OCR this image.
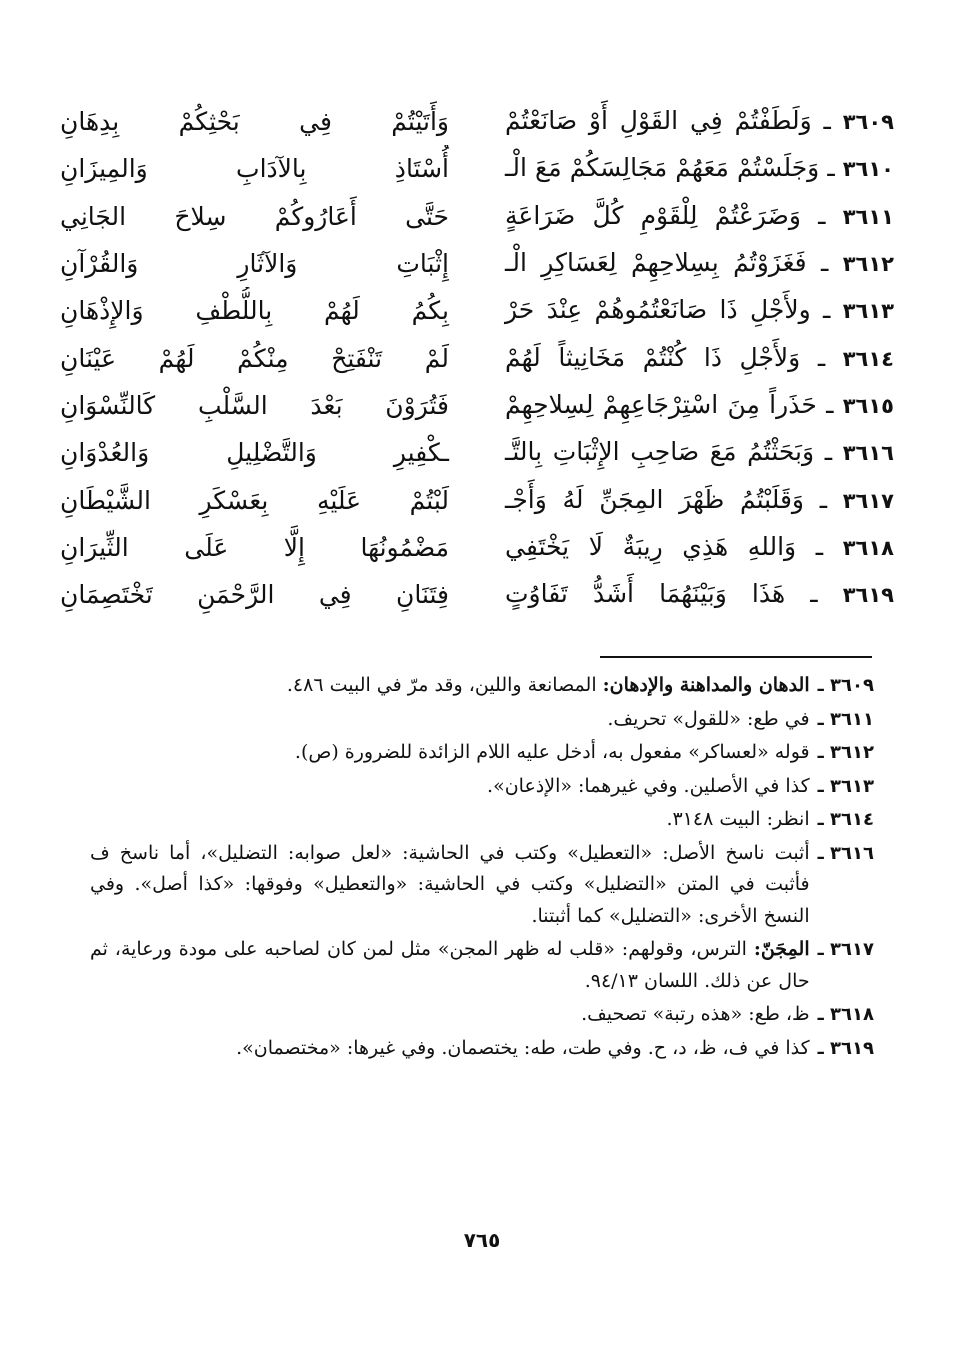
٣٦٠٩ ـ وَلَطَفْتُمْ فِي القَوْلِ أَوْ صَانَعْتُمْ
وَأَتَيْتُمْ فِي بَحْثِكُمْ بِدِهَانِ
٣٦١٠ ـ وَجَلَسْتُمْ مَعَهُمْ مَجَالِسَكُمْ مَعَ الْـ
أُسْتَاذِ بِالآدَابِ وَالمِيزَانِ
٣٦١١ ـ وَضَرَعْتُمْ لِلْقَوْمِ كُلَّ ضَرَاعَةٍ
حَتَّى أَعَارُوكُمْ سِلاحَ الجَانِي
٣٦١٢ ـ فَغَزَوْتُمُ بِسِلاحِهِمْ لِعَسَاكِرِ الْـ
إِثْبَاتِ وَالآثَارِ وَالقُرْآنِ
٣٦١٣ ـ ولأَجْلِ ذَا صَانَعْتُمُوهُمْ عِنْدَ حَرْ
بِكُمُ لَهُمْ بِاللُّطْفِ وَالإِذْهَانِ
٣٦١٤ ـ وَلأَجْلِ ذَا كُنْتُمْ مَخَانِيثاً لَهُمْ
لَمْ تَنْفَتِحْ مِنْكُمْ لَهُمْ عَيْنَانِ
٣٦١٥ ـ حَذَراً مِنَ اسْتِرْجَاعِهِمْ لِسِلاحِهِمْ
فَتُرَوْنَ بَعْدَ السَّلْبِ كَالنِّسْوَانِ
٣٦١٦ ـ وَبَحَثْتُمُ مَعَ صَاحِبِ الإِثْبَاتِ بِالتَّـ
ـكْفِيرِ وَالتَّضْلِيلِ وَالعُدْوَانِ
٣٦١٧ ـ وَقَلَبْتُمُ ظَهْرَ المِجَنِّ لَهُ وَأَجْـ
لَبْتُمْ عَلَيْهِ بِعَسْكَرِ الشَّيْطَانِ
٣٦١٨ ـ وَاللهِ هَذِي رِيبَةٌ لَا يَخْتَفِي
مَضْمُونُهَا إِلَّا عَلَى الثِّيرَانِ
٣٦١٩ ـ هَذَا وَبَيْنَهُمَا أَشَدُّ تَفَاوُتٍ
فِتَنَانِ فِي الرَّحْمَنِ تَخْتَصِمَانِ
٣٦٠٩ ـ
الدهان والمداهنة والإدهان: المصانعة واللين، وقد مرّ في البيت ٤٨٦.
٣٦١١ ـ
في طع: «للقول» تحريف.
٣٦١٢ ـ
قوله «لعساكر» مفعول به، أدخل عليه اللام الزائدة للضرورة (ص).
٣٦١٣ ـ
كذا في الأصلين. وفي غيرهما: «الإذعان».
٣٦١٤ ـ
انظر: البيت ٣١٤٨.
٣٦١٦ ـ
أثبت ناسخ الأصل: «التعطيل» وكتب في الحاشية: «لعل صوابه: التضليل»، أما ناسخ ف فأثبت في المتن «التضليل» وكتب في الحاشية: «والتعطيل» وفوقها: «كذا أصل». وفي النسخ الأخرى: «التضليل» كما أثبتنا.
٣٦١٧ ـ
المِجَنّ: الترس، وقولهم: «قلب له ظهر المجن» مثل لمن كان لصاحبه على مودة ورعاية، ثم حال عن ذلك. اللسان ٩٤/١٣.
٣٦١٨ ـ
ظ، طع: «هذه رتبة» تصحيف.
٣٦١٩ ـ
كذا في ف، ظ، د، ح. وفي طت، طه: يختصمان. وفي غيرها: «مختصمان».
٧٦٥
